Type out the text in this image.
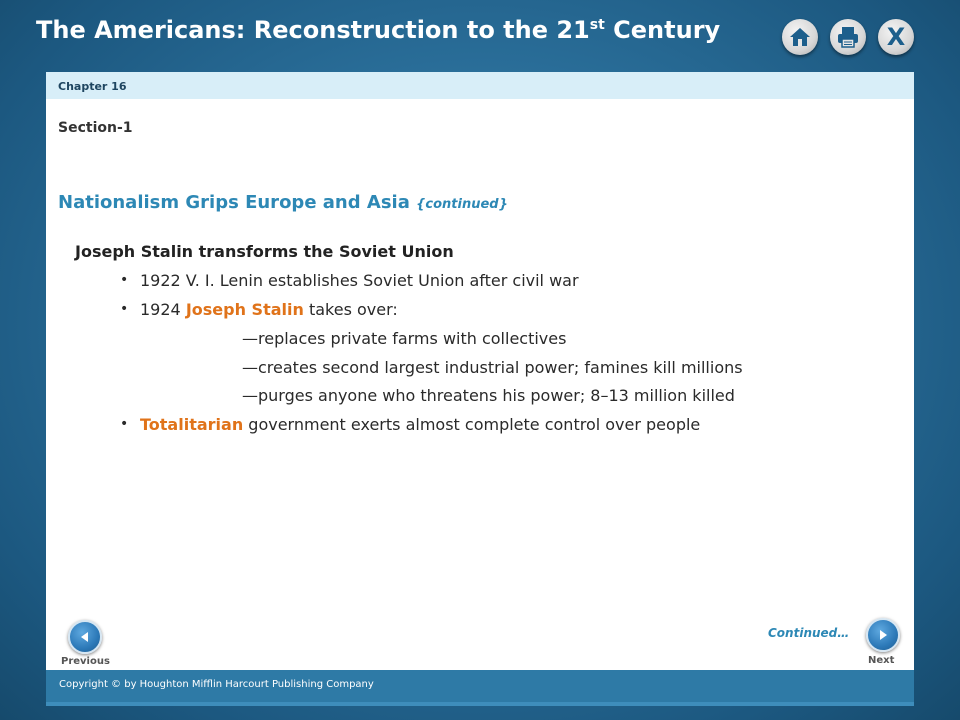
The Americans: Reconstruction to the 21st Century	X
Chapter 16
Section-1
Nationalism Grips Europe and Asia {continued}
Joseph Stalin transforms the Soviet Union
• 1922 V. I. Lenin establishes Soviet Union after civil war
• 1924 Joseph Stalin takes over:
—replaces private farms with collectives
—creates second largest industrial power; famines kill millions
—purges anyone who threatens his power; 8–13 million killed
• Totalitarian government exerts almost complete control over people
Previous
Continued…
Next
Copyright © by Houghton Mifflin Harcourt Publishing Company
